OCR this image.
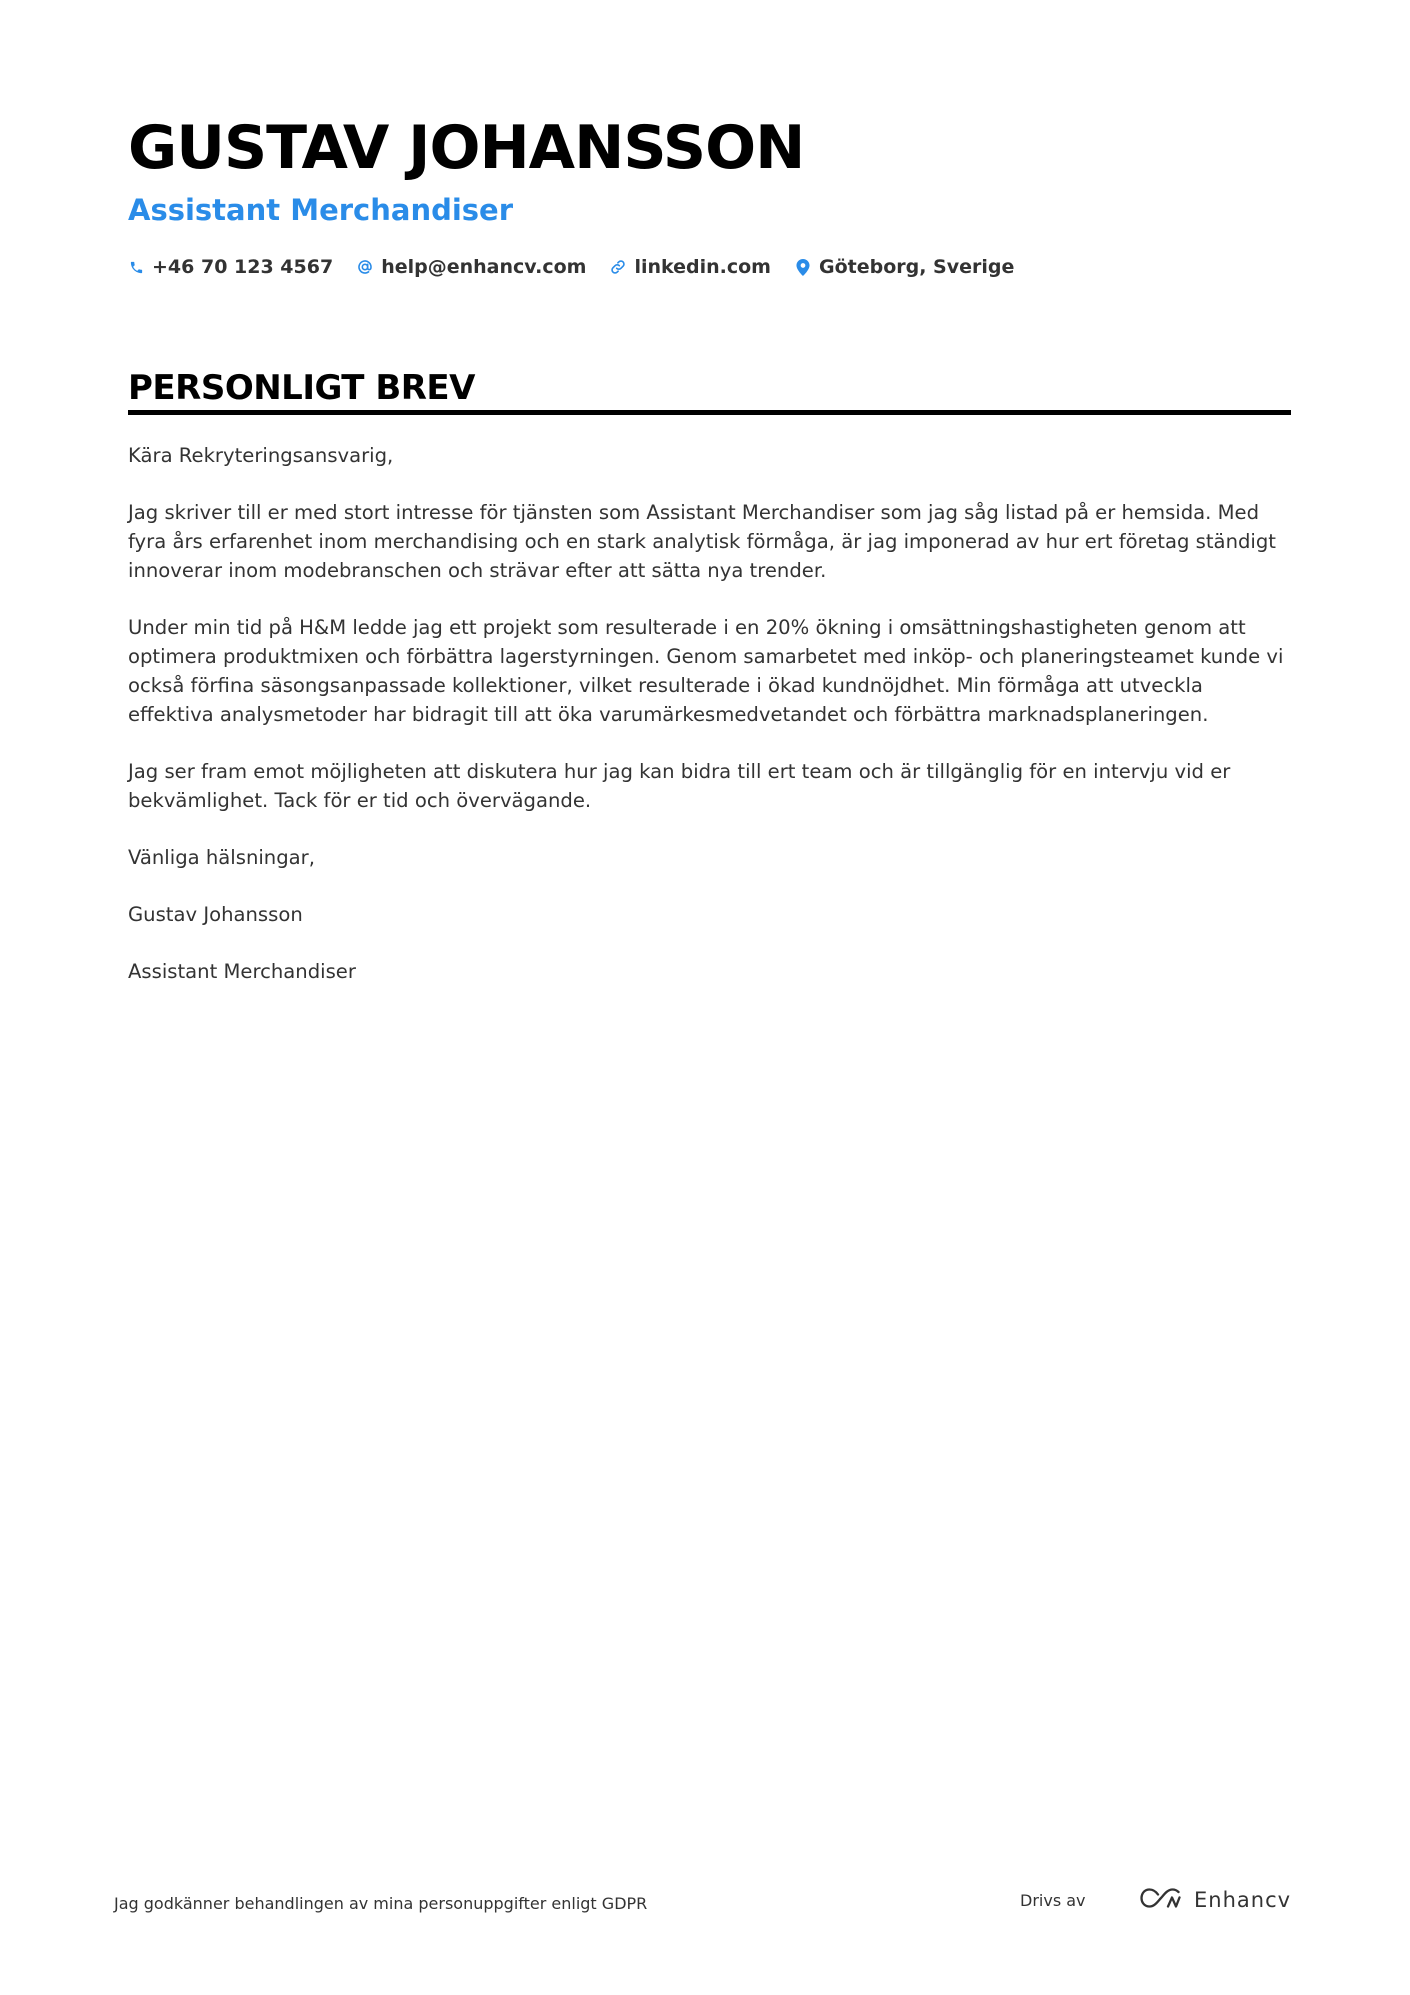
GUSTAV JOHANSSON
Assistant Merchandiser
+46 70 123 4567	help@enhancv.com	linkedin.com	Göteborg, Sverige
PERSONLIGT BREV

Kära Rekryteringsansvarig,

Jag skriver till er med stort intresse för tjänsten som Assistant Merchandiser som jag såg listad på er hemsida. Med fyra års erfarenhet inom merchandising och en stark analytisk förmåga, är jag imponerad av hur ert företag ständigt innoverar inom modebranschen och strävar efter att sätta nya trender.

Under min tid på H&M ledde jag ett projekt som resulterade i en 20% ökning i omsättningshastigheten genom att optimera produktmixen och förbättra lagerstyrningen. Genom samarbetet med inköp- och planeringsteamet kunde vi också förfina säsongsanpassade kollektioner, vilket resulterade i ökad kundnöjdhet. Min förmåga att utveckla effektiva analysmetoder har bidragit till att öka varumärkesmedvetandet och förbättra marknadsplaneringen.

Jag ser fram emot möjligheten att diskutera hur jag kan bidra till ert team och är tillgänglig för en intervju vid er bekvämlighet. Tack för er tid och övervägande.

Vänliga hälsningar,

Gustav Johansson

Assistant Merchandiser

Jag godkänner behandlingen av mina personuppgifter enligt GDPR	Drivs av	Enhancv
